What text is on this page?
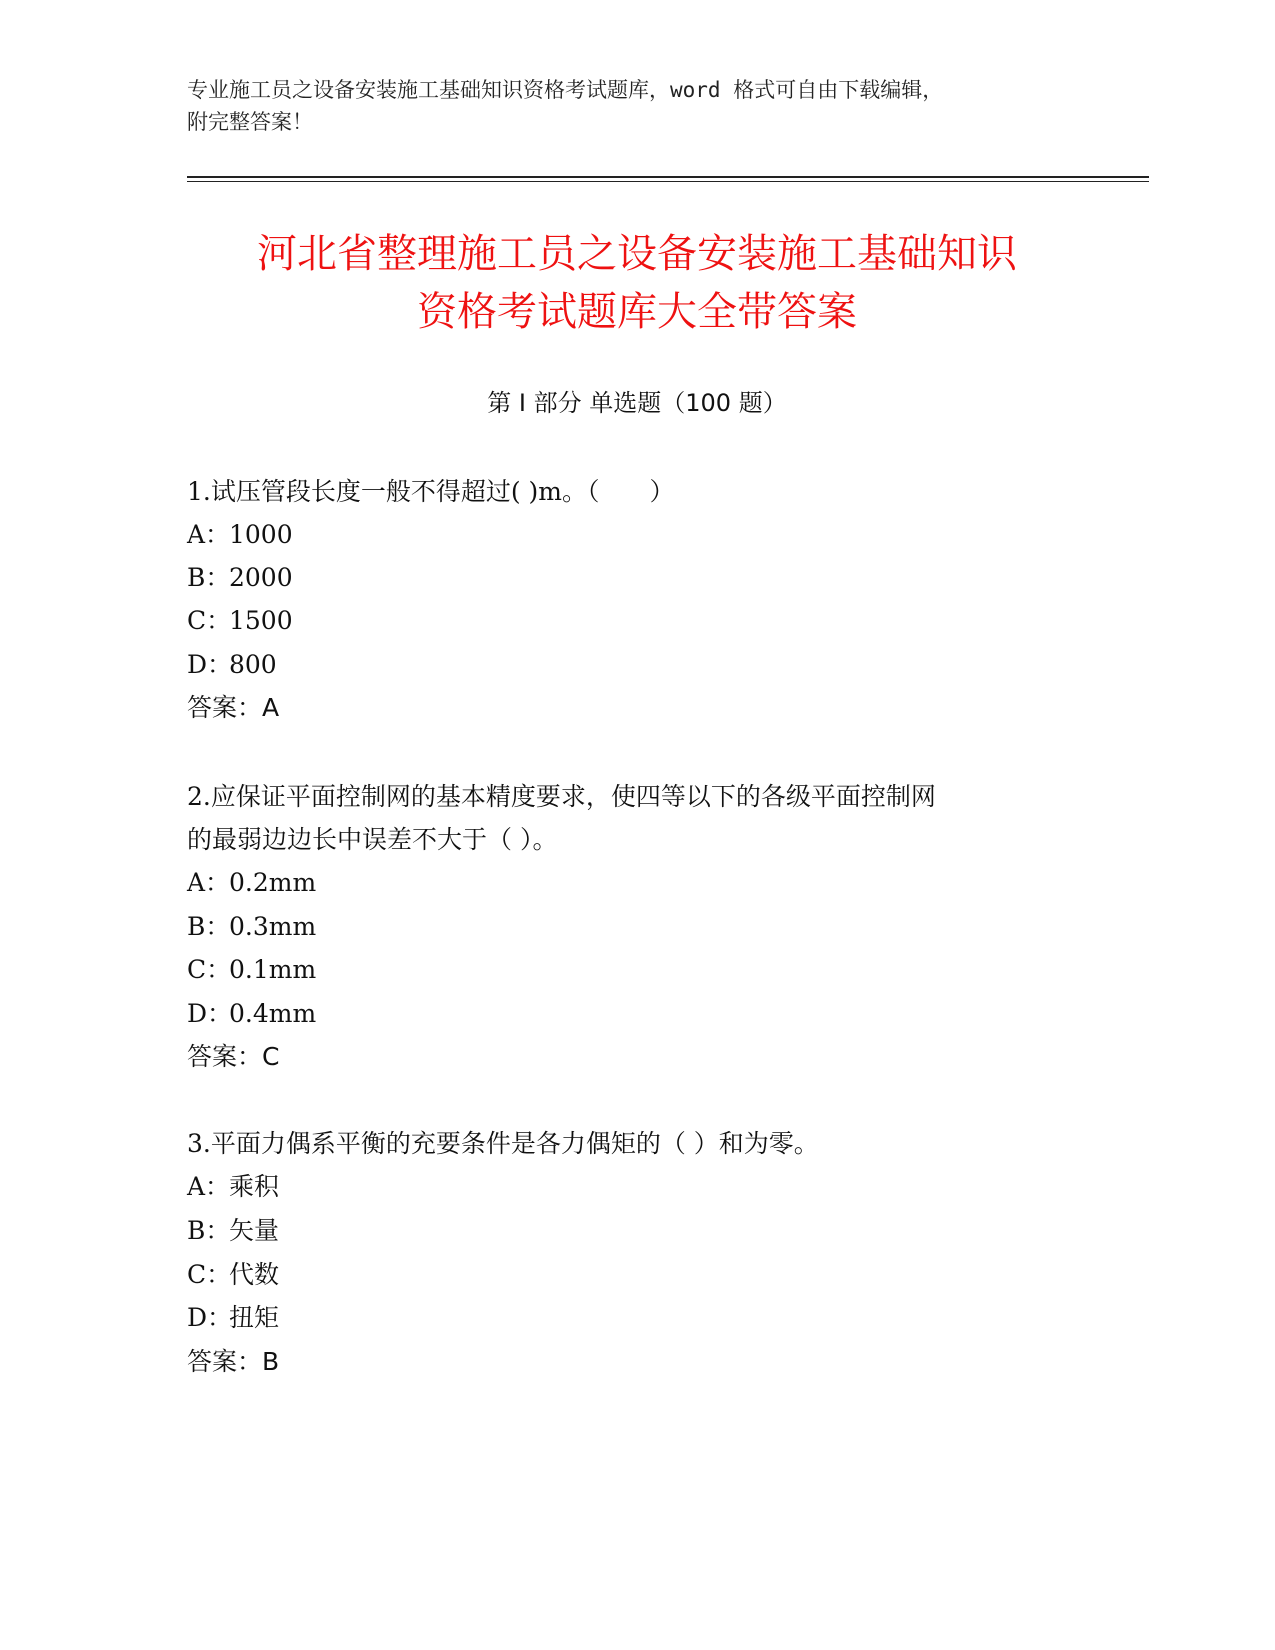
专业施工员之设备安装施工基础知识资格考试题库，word 格式可自由下载编辑，
附完整答案！
河北省整理施工员之设备安装施工基础知识
资格考试题库大全带答案
第 I 部分 单选题（100 题）
1.试压管段长度一般不得超过( )m。（　　）
A：1000
B：2000
C：1500
D：800
答案：A
2.应保证平面控制网的基本精度要求，使四等以下的各级平面控制网
的最弱边边长中误差不大于（ ）。
A：0.2mm
B：0.3mm
C：0.1mm
D：0.4mm
答案：C
3.平面力偶系平衡的充要条件是各力偶矩的（ ）和为零。
A：乘积
B：矢量
C：代数
D：扭矩
答案：B
